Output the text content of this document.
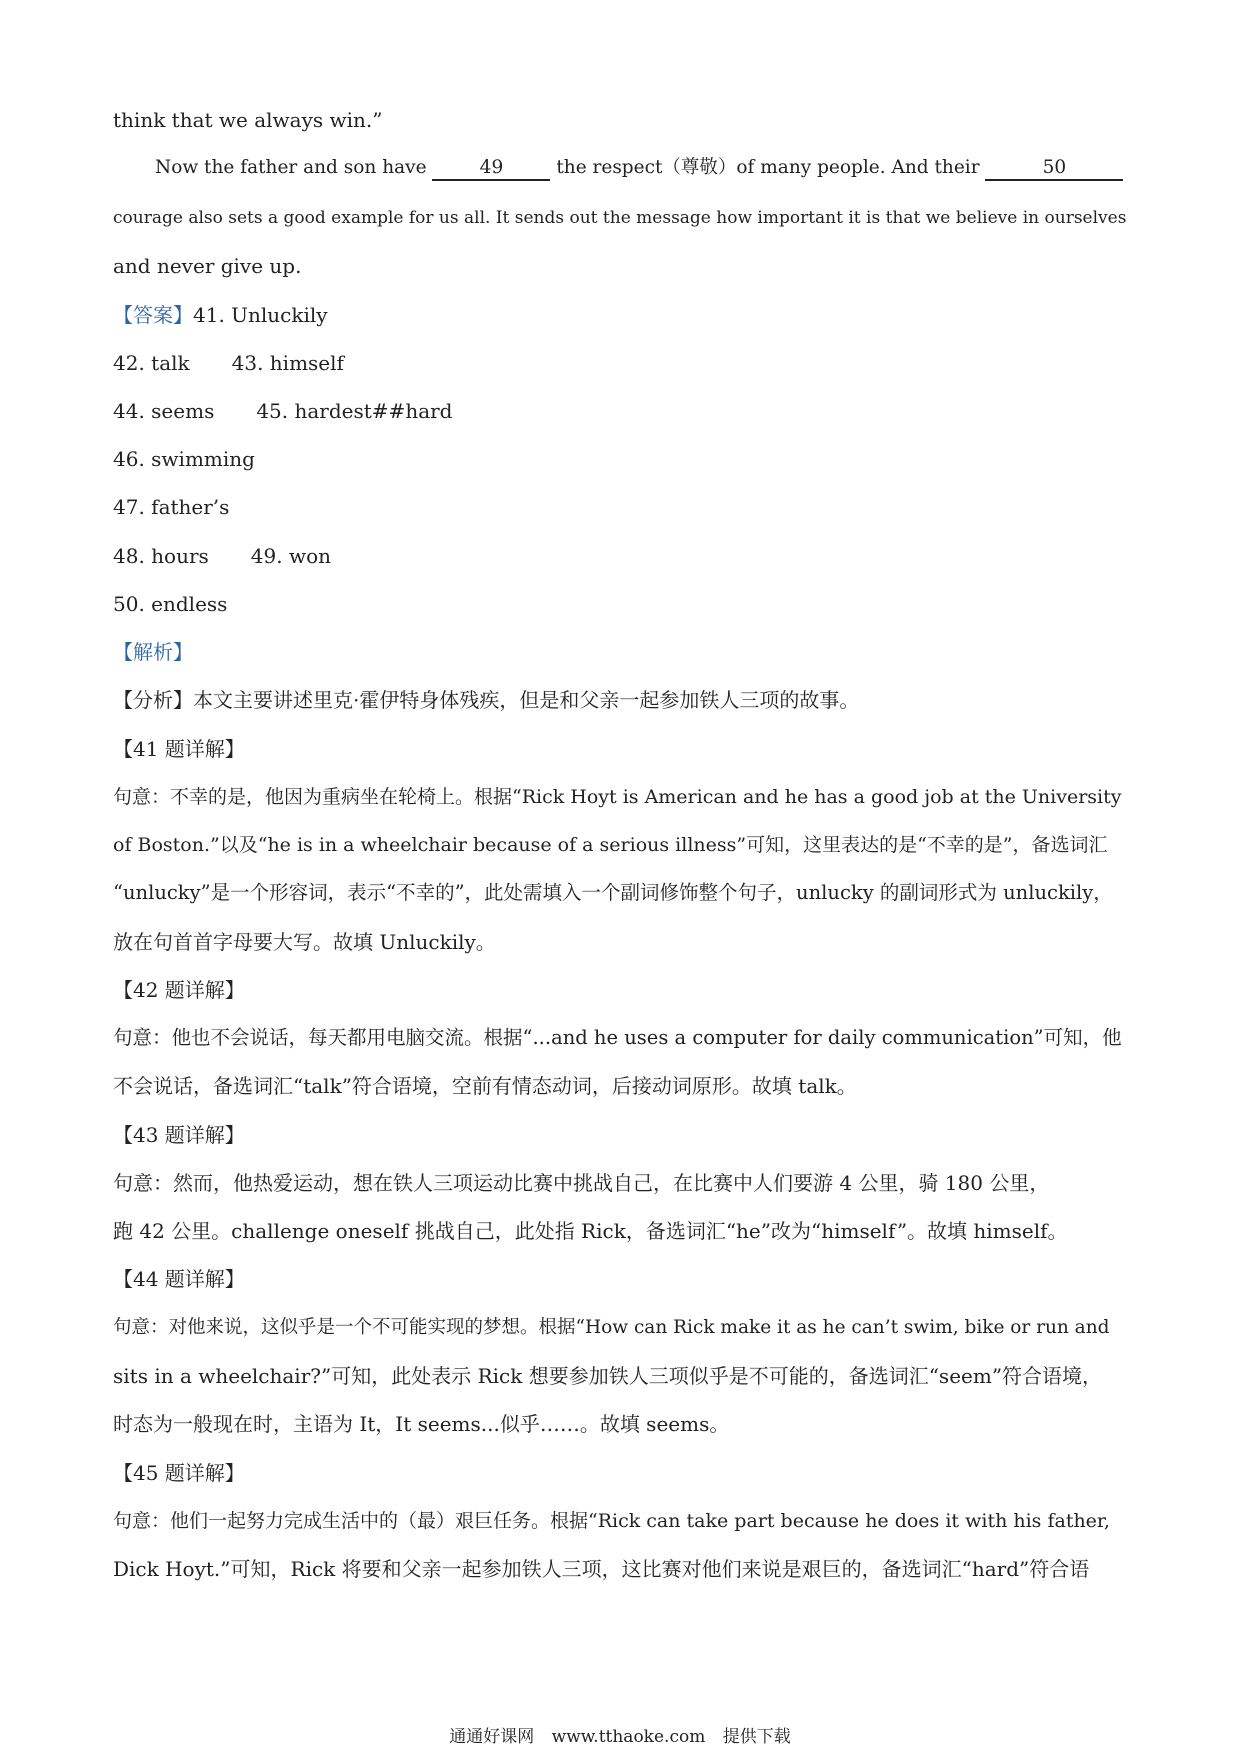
think that we always win.”
Now the father and son have	49	the respect（尊敬）of many people. And their	50
courage also sets a good example for us all. It sends out the message how important it is that we believe in ourselves
and never give up.
【答案】41. Unluckily
42. talk 43. himself
44. seems 45. hardest##hard
46. swimming
47. father’s
48. hours 49. won
50. endless
【解析】
【分析】本文主要讲述里克·霍伊特身体残疾，但是和父亲一起参加铁人三项的故事。
【41 题详解】
句意：不幸的是，他因为重病坐在轮椅上。根据“Rick Hoyt is American and he has a good job at the University
of Boston.”以及“he is in a wheelchair because of a serious illness”可知，这里表达的是“不幸的是”，备选词汇
“unlucky”是一个形容词，表示“不幸的”，此处需填入一个副词修饰整个句子，unlucky 的副词形式为 unluckily，
放在句首首字母要大写。故填 Unluckily。
【42 题详解】
句意：他也不会说话，每天都用电脑交流。根据“...and he uses a computer for daily communication”可知，他
不会说话，备选词汇“talk”符合语境，空前有情态动词，后接动词原形。故填 talk。
【43 题详解】
句意：然而，他热爱运动，想在铁人三项运动比赛中挑战自己，在比赛中人们要游 4 公里，骑 180 公里，
跑 42 公里。challenge oneself 挑战自己，此处指 Rick，备选词汇“he”改为“himself”。故填 himself。
【44 题详解】
句意：对他来说，这似乎是一个不可能实现的梦想。根据“How can Rick make it as he can’t swim, bike or run and
sits in a wheelchair?”可知，此处表示 Rick 想要参加铁人三项似乎是不可能的，备选词汇“seem”符合语境，
时态为一般现在时，主语为 It，It seems...似乎……。故填 seems。
【45 题详解】
句意：他们一起努力完成生活中的（最）艰巨任务。根据“Rick can take part because he does it with his father,
Dick Hoyt.”可知，Rick 将要和父亲一起参加铁人三项，这比赛对他们来说是艰巨的，备选词汇“hard”符合语
通通好课网 www.tthaoke.com 提供下载
